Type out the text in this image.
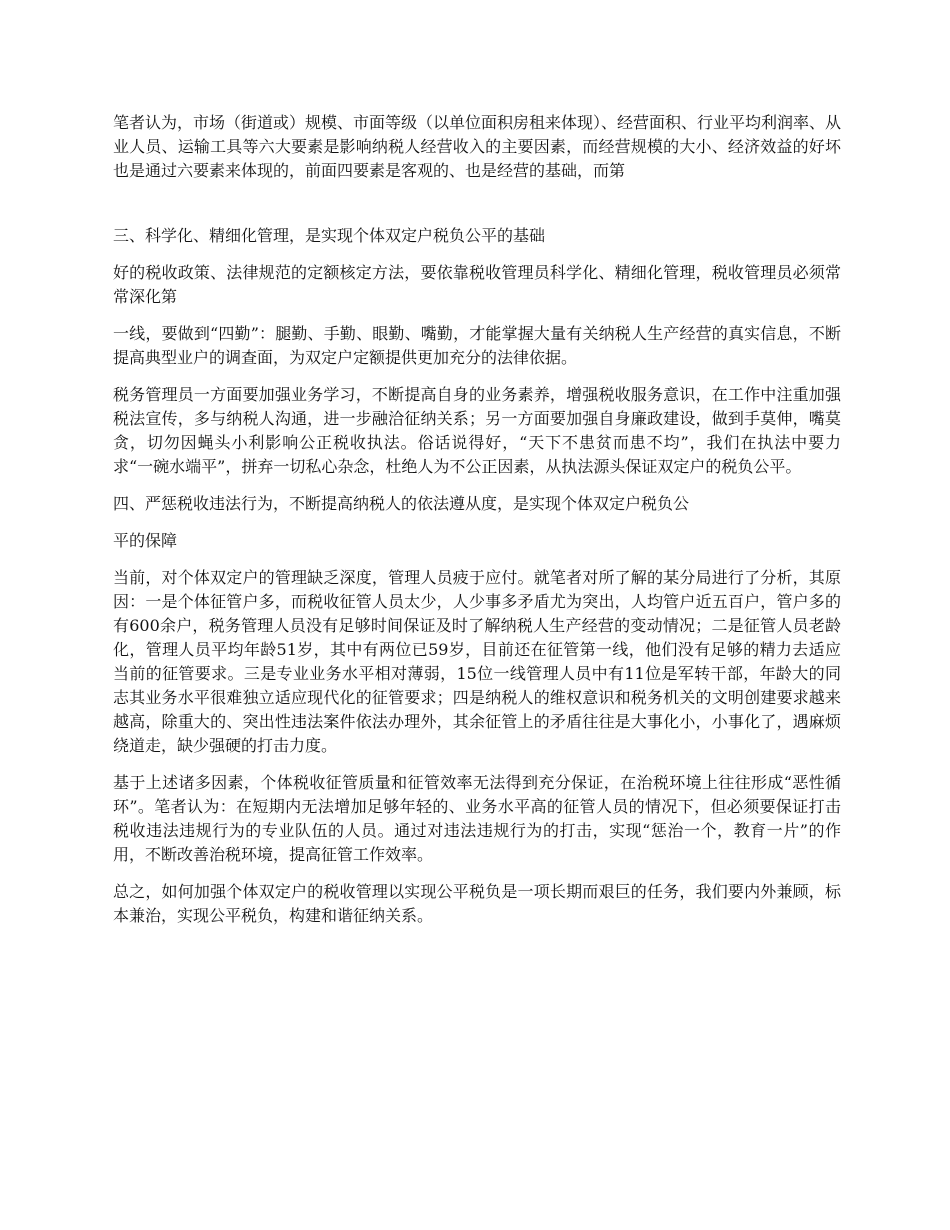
笔者认为，市场（街道或）规模、市面等级（以单位面积房租来体现）、经营面积、行业平均利润率、从业人员、运输工具等六大要素是影响纳税人经营收入的主要因素，而经营规模的大小、经济效益的好坏也是通过六要素来体现的，前面四要素是客观的、也是经营的基础，而第

三、科学化、精细化管理，是实现个体双定户税负公平的基础

好的税收政策、法律规范的定额核定方法，要依靠税收管理员科学化、精细化管理，税收管理员必须常常深化第

一线，要做到“四勤”：腿勤、手勤、眼勤、嘴勤，才能掌握大量有关纳税人生产经营的真实信息，不断提高典型业户的调查面，为双定户定额提供更加充分的法律依据。

税务管理员一方面要加强业务学习，不断提高自身的业务素养，增强税收服务意识，在工作中注重加强税法宣传，多与纳税人沟通，进一步融洽征纳关系；另一方面要加强自身廉政建设，做到手莫伸，嘴莫贪，切勿因蝇头小利影响公正税收执法。俗话说得好，“天下不患贫而患不均”，我们在执法中要力求“一碗水端平”，拼弃一切私心杂念，杜绝人为不公正因素，从执法源头保证双定户的税负公平。

四、严惩税收违法行为，不断提高纳税人的依法遵从度，是实现个体双定户税负公

平的保障

当前，对个体双定户的管理缺乏深度，管理人员疲于应付。就笔者对所了解的某分局进行了分析，其原因：一是个体征管户多，而税收征管人员太少，人少事多矛盾尤为突出，人均管户近五百户，管户多的有600余户，税务管理人员没有足够时间保证及时了解纳税人生产经营的变动情况；二是征管人员老龄化，管理人员平均年龄51岁，其中有两位已59岁，目前还在征管第一线，他们没有足够的精力去适应当前的征管要求。三是专业业务水平相对薄弱，15位一线管理人员中有11位是军转干部，年龄大的同志其业务水平很难独立适应现代化的征管要求；四是纳税人的维权意识和税务机关的文明创建要求越来越高，除重大的、突出性违法案件依法办理外，其余征管上的矛盾往往是大事化小，小事化了，遇麻烦绕道走，缺少强硬的打击力度。

基于上述诸多因素，个体税收征管质量和征管效率无法得到充分保证，在治税环境上往往形成“恶性循环”。笔者认为：在短期内无法增加足够年轻的、业务水平高的征管人员的情况下，但必须要保证打击税收违法违规行为的专业队伍的人员。通过对违法违规行为的打击，实现“惩治一个，教育一片”的作用，不断改善治税环境，提高征管工作效率。

总之，如何加强个体双定户的税收管理以实现公平税负是一项长期而艰巨的任务，我们要内外兼顾，标本兼治，实现公平税负，构建和谐征纳关系。
